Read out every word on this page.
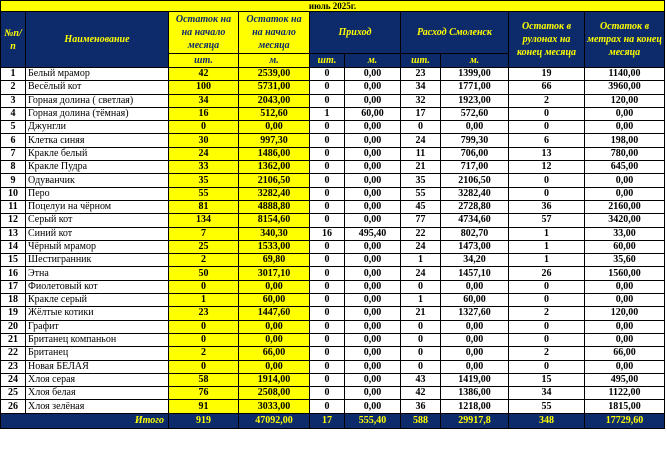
июль 2025г.									
№п/п	Наименование	Остаток на на начало месяца	Остаток на на начало месяца	Приход		Расход Смоленск		Остаток в рулонах на конец месяца	Остаток в метрах на конец месяца
		шт.	м.	шт.	м.	шт.	м.		
1	Белый мрамор	42	2539,00	0	0,00	23	1399,00	19	1140,00
2	Весёлый кот	100	5731,00	0	0,00	34	1771,00	66	3960,00
3	Горная долина ( светлая)	34	2043,00	0	0,00	32	1923,00	2	120,00
4	Горная долина (тёмная)	16	512,60	1	60,00	17	572,60	0	0,00
5	Джунгли	0	0,00	0	0,00	0	0,00	0	0,00
6	Клетка синяя	30	997,30	0	0,00	24	799,30	6	198,00
7	Кракле белый	24	1486,00	0	0,00	11	706,00	13	780,00
8	Кракле Пудра	33	1362,00	0	0,00	21	717,00	12	645,00
9	Одуванчик	35	2106,50	0	0,00	35	2106,50	0	0,00
10	Перо	55	3282,40	0	0,00	55	3282,40	0	0,00
11	Поцелуи на чёрном	81	4888,80	0	0,00	45	2728,80	36	2160,00
12	Серый кот	134	8154,60	0	0,00	77	4734,60	57	3420,00
13	Синий кот	7	340,30	16	495,40	22	802,70	1	33,00
14	Чёрный мрамор	25	1533,00	0	0,00	24	1473,00	1	60,00
15	Шестигранник	2	69,80	0	0,00	1	34,20	1	35,60
16	Этна	50	3017,10	0	0,00	24	1457,10	26	1560,00
17	Фиолетовый кот	0	0,00	0	0,00	0	0,00	0	0,00
18	Кракле серый	1	60,00	0	0,00	1	60,00	0	0,00
19	Жёлтые котики	23	1447,60	0	0,00	21	1327,60	2	120,00
20	Графит	0	0,00	0	0,00	0	0,00	0	0,00
21	Британец компаньон	0	0,00	0	0,00	0	0,00	0	0,00
22	Британец	2	66,00	0	0,00	0	0,00	2	66,00
23	Новая БЕЛАЯ	0	0,00	0	0,00	0	0,00	0	0,00
24	Хлоя серая	58	1914,00	0	0,00	43	1419,00	15	495,00
25	Хлоя белая	76	2508,00	0	0,00	42	1386,00	34	1122,00
26	Хлоя зелёная	91	3033,00	0	0,00	36	1218,00	55	1815,00
Итого		919	47092,00	17	555,40	588	29917,8	348	17729,60
